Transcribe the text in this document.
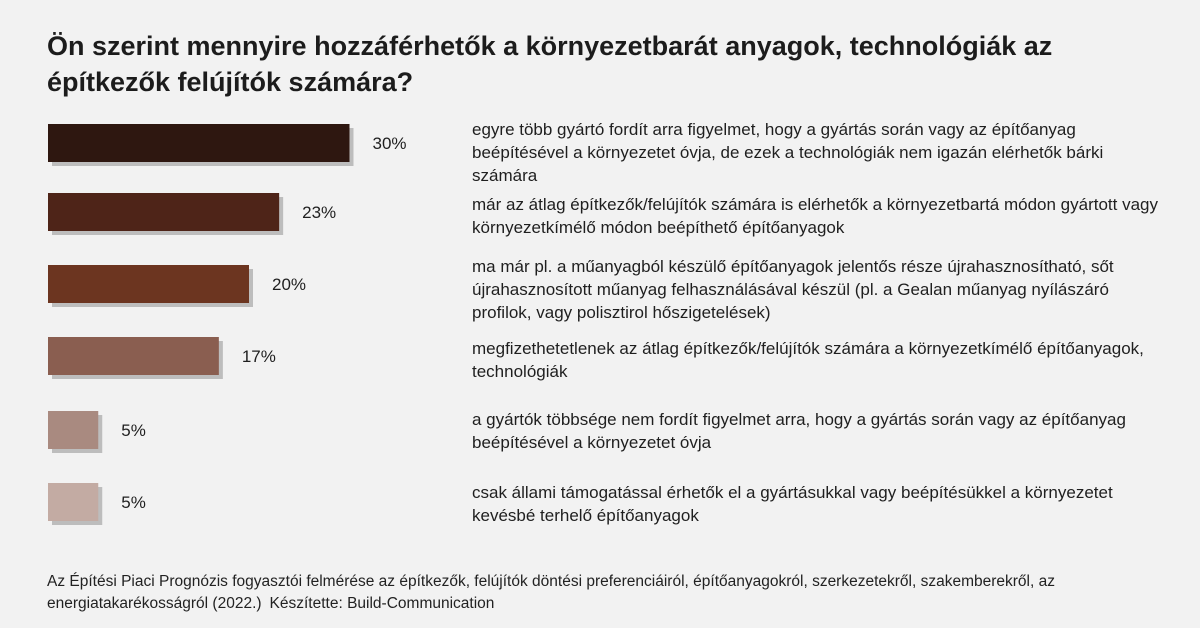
Ön szerint mennyire hozzáférhetők a környezetbarát anyagok, technológiák az építkezők felújítók számára?
30%
23%
20%
17%
5%
5%
egyre több gyártó fordít arra figyelmet, hogy a gyártás során vagy az építőanyag beépítésével a környezetet óvja, de ezek a technológiák nem igazán elérhetők bárki számára
már az átlag építkezők/felújítók számára is elérhetők a környezetbartá módon gyártott vagy környezetkímélő módon beépíthető építőanyagok
ma már pl. a műanyagból készülő építőanyagok jelentős része újrahasznosítható, sőt újrahasznosított műanyag felhasználásával készül (pl. a Gealan műanyag nyílászáró profilok, vagy polisztirol hőszigetelések)
megfizethetetlenek az átlag építkezők/felújítók számára a környezetkímélő építőanyagok, technológiák
a gyártók többsége nem fordít figyelmet arra, hogy a gyártás során vagy az építőanyag beépítésével a környezetet óvja
csak állami támogatással érhetők el a gyártásukkal vagy beépítésükkel a környezetet kevésbé terhelő építőanyagok
Az Építési Piaci Prognózis fogyasztói felmérése az építkezők, felújítók döntési preferenciáiról, építőanyagokról, szerkezetekről, szakemberekről, az energiatakarékosságról (2022.) Készítette: Build-Communication
